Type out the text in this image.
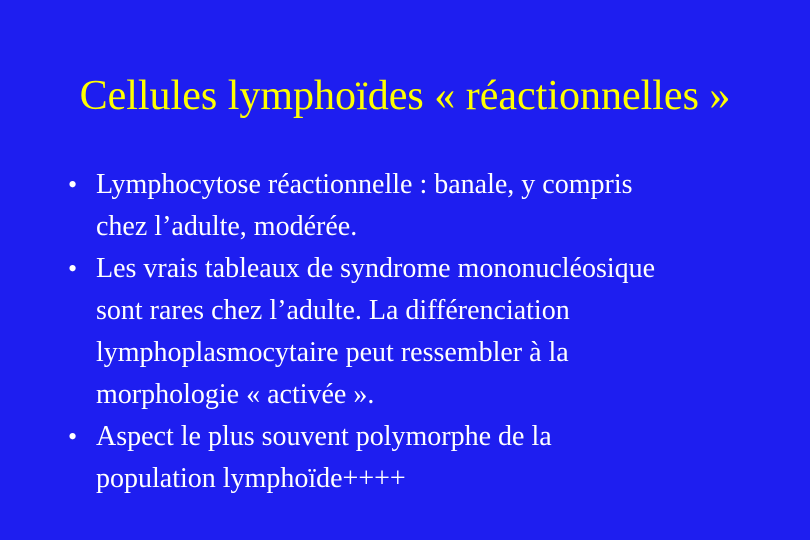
Cellules lymphoïdes « réactionnelles »
• Lymphocytose réactionnelle : banale, y compris
chez l’adulte, modérée.
• Les vrais tableaux de syndrome mononucléosique
sont rares chez l’adulte. La différenciation
lymphoplasmocytaire peut ressembler à la
morphologie « activée ».
• Aspect le plus souvent polymorphe de la
population lymphoïde++++
